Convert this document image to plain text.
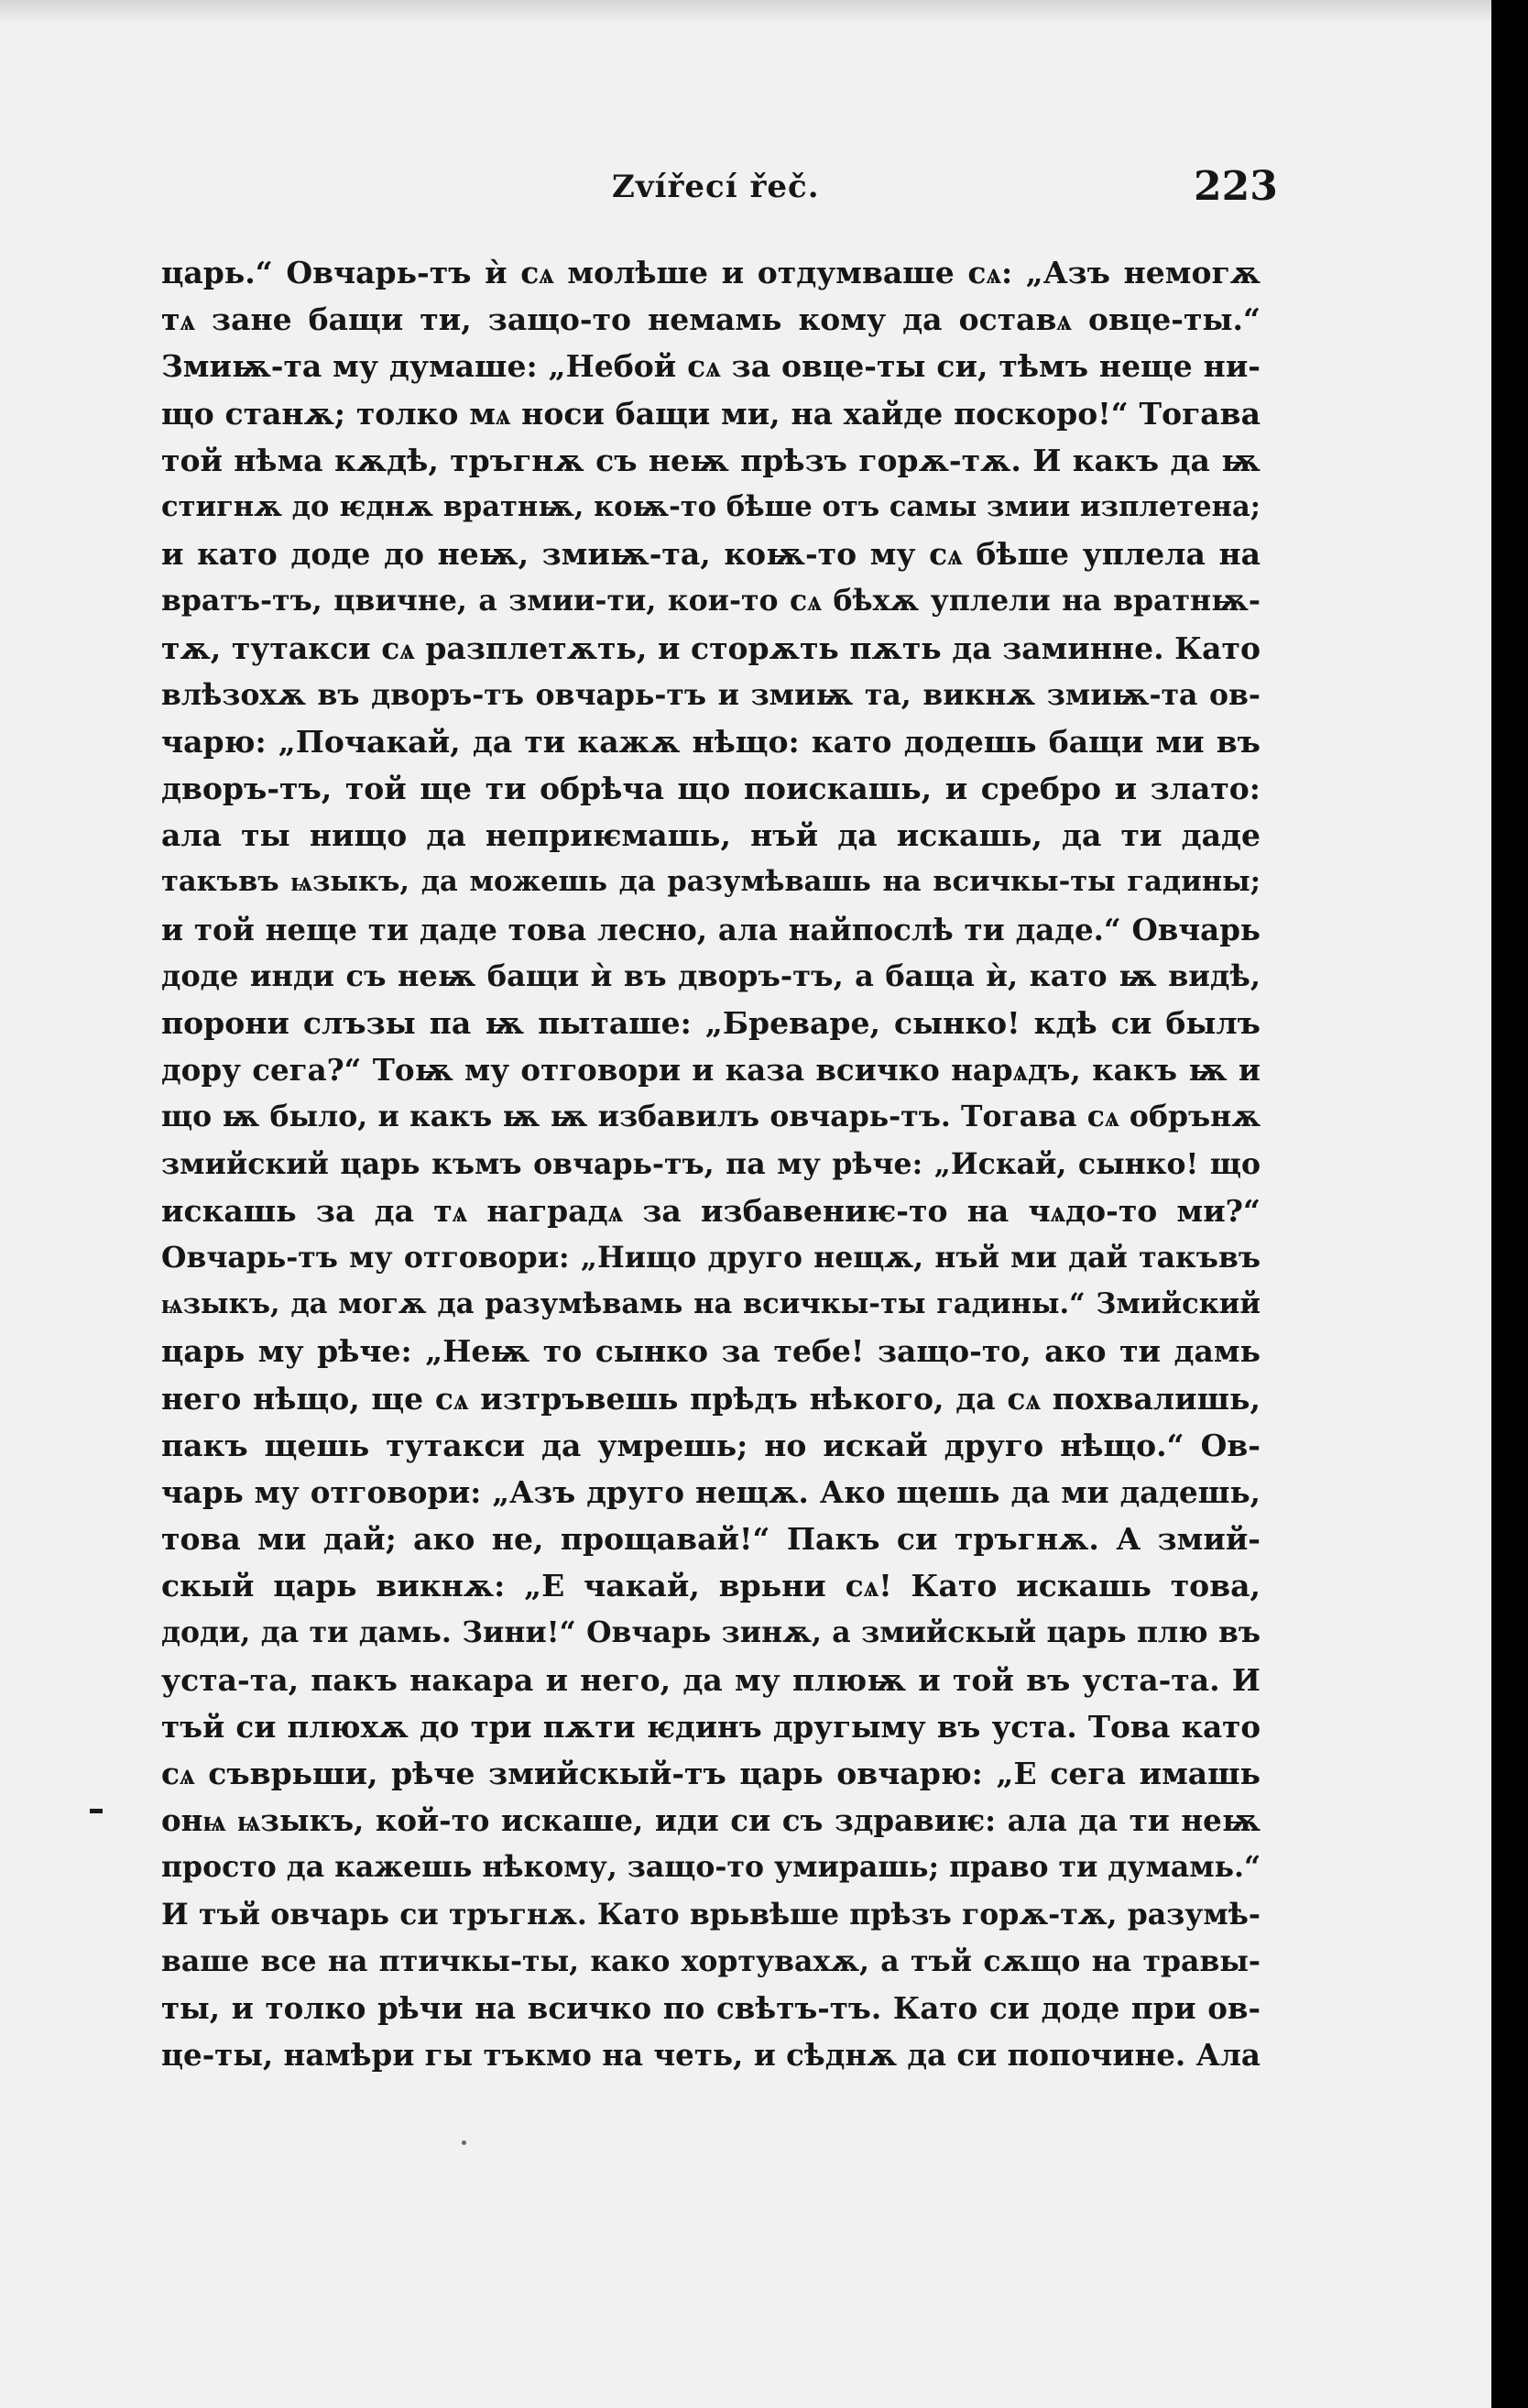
Zvířecí řeč.	223
царь.“ Овчарь-тъ ѝ сѧ молѣше и отдумваше сѧ: „Азъ немогѫ
тѧ зане бащи ти, защо-то немамь кому да оставѧ овце-ты.“
Змиѭ-та му думаше: „Небой сѧ за овце-ты си, тѣмъ неще ни-
що станѫ; толко мѧ носи бащи ми, на хайде поскоро!“ Тогава
той нѣма кѫдѣ, тръгнѫ съ неѭ прѣзъ горѫ-тѫ. И какъ да ѭ
стигнѫ до ѥднѫ вратнѭ, коѭ-то бѣше отъ самы змии изплетена;
и като доде до неѭ, змиѭ-та, коѭ-то му сѧ бѣше уплела на
вратъ-тъ, цвичне, а змии-ти, кои-то сѧ бѣхѫ уплели на вратнѭ-
тѫ, тутакси сѧ разплетѫть, и сторѫть пѫть да заминне. Като
влѣзохѫ въ дворъ-тъ овчарь-тъ и змиѭ та, викнѫ змиѭ-та ов-
чарю: „Почакай, да ти кажѫ нѣщо: като додешь бащи ми въ
дворъ-тъ, той ще ти обрѣча що поискашь, и сребро и злато:
ала ты нищо да неприѥмашь, нъй да искашь, да ти даде
такъвъ ѩзыкъ, да можешь да разумѣвашь на всичкы-ты гадины;
и той неще ти даде това лесно, ала найпослѣ ти даде.“ Овчарь
доде инди съ неѭ бащи ѝ въ дворъ-тъ, а баща ѝ, като ѭ видѣ,
порони слъзы па ѭ пыташе: „Бреваре, сынко! кдѣ си былъ
дору сега?“ Тоѭ му отговори и каза всичко нарѧдъ, какъ ѭ и
що ѭ было, и какъ ѭ ѭ избавилъ овчарь-тъ. Тогава сѧ обрънѫ
змийский царь къмъ овчарь-тъ, па му рѣче: „Искай, сынко! що
искашь за да тѧ наградѧ за избавениѥ-то на чѧдо-то ми?“
Овчарь-тъ му отговори: „Нищо друго нещѫ, нъй ми дай такъвъ
ѩзыкъ, да могѫ да разумѣвамь на всичкы-ты гадины.“ Змийский
царь му рѣче: „Неѭ то сынко за тебе! защо-то, ако ти дамь
него нѣщо, ще сѧ изтръвешь прѣдъ нѣкого, да сѧ похвалишь,
пакъ щешь тутакси да умрешь; но искай друго нѣщо.“ Ов-
чарь му отговори: „Азъ друго нещѫ. Ако щешь да ми дадешь,
това ми дай; ако не, прощавай!“ Пакъ си тръгнѫ. А змий-
скый царь викнѫ: „Е чакай, врьни сѧ! Като искашь това,
доди, да ти дамь. Зини!“ Овчарь зинѫ, а змийскый царь плю въ
уста-та, пакъ накара и него, да му плюѭ и той въ уста-та. И
тъй си плюхѫ до три пѫти ѥдинъ другыму въ уста. Това като
сѧ съврьши, рѣче змийскый-тъ царь овчарю: „Е сега имашь
онѩ ѩзыкъ, кой-то искаше, иди си съ здравиѥ: ала да ти неѭ
просто да кажешь нѣкому, защо-то умирашь; право ти думамь.“
И тъй овчарь си тръгнѫ. Като врьвѣше прѣзъ горѫ-тѫ, разумѣ-
ваше все на птичкы-ты, како хортувахѫ, а тъй сѫщо на травы-
ты, и толко рѣчи на всичко по свѣтъ-тъ. Като си доде при ов-
це-ты, намѣри гы тъкмо на четь, и сѣднѫ да си попочине. Ала
